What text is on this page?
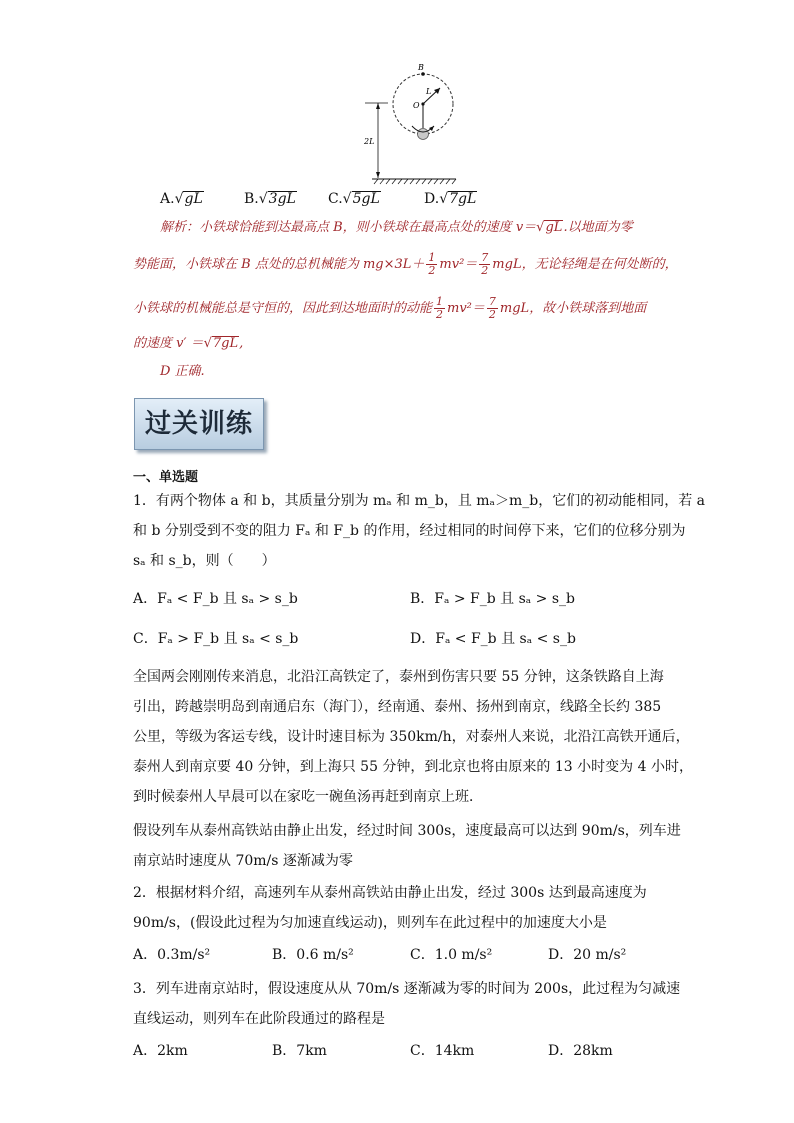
B
O
L
2L
A.√gL	B.√3gL C.√5gL	D.√7gL
解析：小铁球恰能到达最高点 B，则小铁球在最高点处的速度 v＝√gL.以地面为零
势能面，小铁球在 B 点处的总机械能为 $mg\times 3L+ \frac{1}{2} mv^2= \frac{7}{2}$ mgL，无论轻绳是在何处断的，
小铁球的机械能总是守恒的，因此到达地面时的动能 $\frac{1}{2} mv^2= \frac{7}{2}$ mgL，故小铁球落到地面
的速度 v′ ＝√7gL,
D 正确.
过关训练
一、单选题
1．有两个物体 a 和 b，其质量分别为 mₐ 和 m_b，且 mₐ＞m_b，它们的初动能相同，若 a
和 b 分别受到不变的阻力 Fₐ 和 F_b 的作用，经过相同的时间停下来，它们的位移分别为
sₐ 和 s_b，则（　　）
A．Fₐ < F_b 且 sₐ > s_b	B．Fₐ > F_b 且 sₐ > s_b
C．Fₐ > F_b 且 sₐ < s_b	D．Fₐ < F_b 且 sₐ < s_b
全国两会刚刚传来消息，北沿江高铁定了，泰州到伤害只要 55 分钟，这条铁路自上海
引出，跨越崇明岛到南通启东（海门），经南通、泰州、扬州到南京，线路全长约 385
公里，等级为客运专线，设计时速目标为 350km/h，对泰州人来说，北沿江高铁开通后，
泰州人到南京要 40 分钟，到上海只 55 分钟，到北京也将由原来的 13 小时变为 4 小时，
到时候泰州人早晨可以在家吃一碗鱼汤再赶到南京上班．
假设列车从泰州高铁站由静止出发，经过时间 300s，速度最高可以达到 90m/s，列车进
南京站时速度从 70m/s 逐渐减为零
2．根据材料介绍，高速列车从泰州高铁站由静止出发，经过 300s 达到最高速度为
90m/s，(假设此过程为匀加速直线运动)，则列车在此过程中的加速度大小是
A．0.3m/s²	B．0.6 m/s²	C．1.0 m/s²	D．20 m/s²
3．列车进南京站时，假设速度从从 70m/s 逐渐减为零的时间为 200s，此过程为匀减速
直线运动，则列车在此阶段通过的路程是
A．2km	B．7km	C．14km	D．28km
